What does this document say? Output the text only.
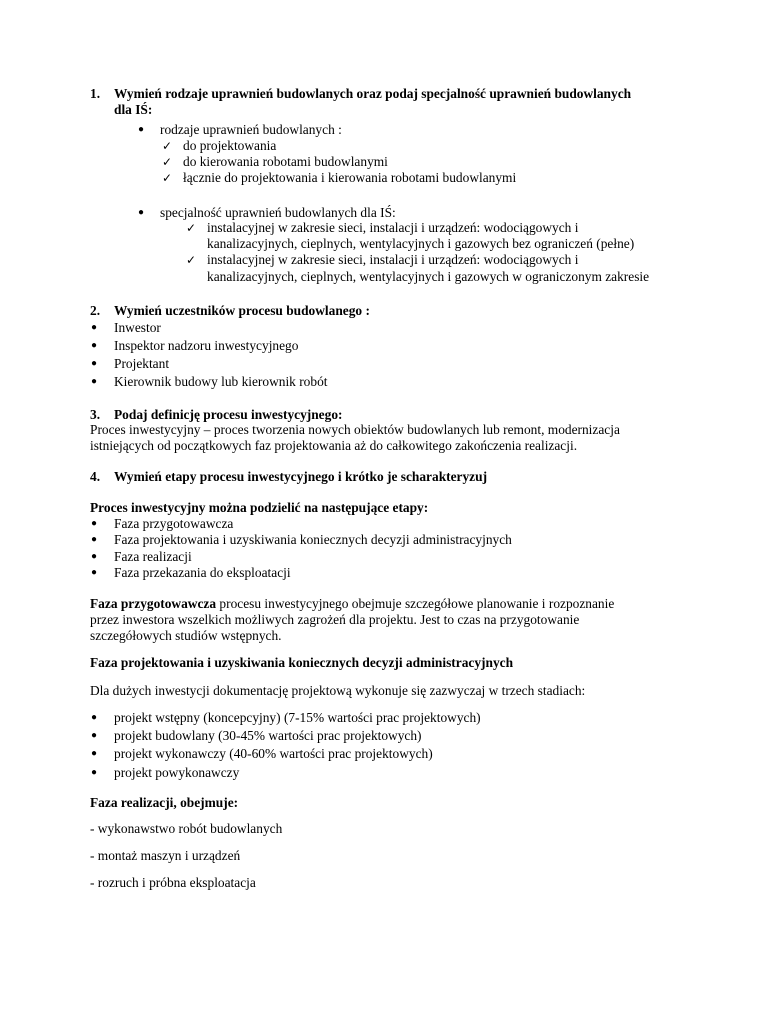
1. Wymień rodzaje uprawnień budowlanych oraz podaj specjalność uprawnień budowlanych
dla IŚ:
● rodzaje uprawnień budowlanych :
✓ do projektowania
✓ do kierowania robotami budowlanymi
✓ łącznie do projektowania i kierowania robotami budowlanymi
● specjalność uprawnień budowlanych dla IŚ:
✓ instalacyjnej w zakresie sieci, instalacji i urządzeń: wodociągowych i
kanalizacyjnych, cieplnych, wentylacyjnych i gazowych bez ograniczeń (pełne)
✓ instalacyjnej w zakresie sieci, instalacji i urządzeń: wodociągowych i
kanalizacyjnych, cieplnych, wentylacyjnych i gazowych w ograniczonym zakresie
2. Wymień uczestników procesu budowlanego :
● Inwestor
● Inspektor nadzoru inwestycyjnego
● Projektant
● Kierownik budowy lub kierownik robót
3. Podaj definicję procesu inwestycyjnego:
Proces inwestycyjny – proces tworzenia nowych obiektów budowlanych lub remont, modernizacja
istniejących od początkowych faz projektowania aż do całkowitego zakończenia realizacji.
4. Wymień etapy procesu inwestycyjnego i krótko je scharakteryzuj
Proces inwestycyjny można podzielić na następujące etapy:
● Faza przygotowawcza
● Faza projektowania i uzyskiwania koniecznych decyzji administracyjnych
● Faza realizacji
● Faza przekazania do eksploatacji
Faza przygotowawcza procesu inwestycyjnego obejmuje szczegółowe planowanie i rozpoznanie
przez inwestora wszelkich możliwych zagrożeń dla projektu. Jest to czas na przygotowanie
szczegółowych studiów wstępnych.
Faza projektowania i uzyskiwania koniecznych decyzji administracyjnych
Dla dużych inwestycji dokumentację projektową wykonuje się zazwyczaj w trzech stadiach:
● projekt wstępny (koncepcyjny) (7-15% wartości prac projektowych)
● projekt budowlany (30-45% wartości prac projektowych)
● projekt wykonawczy (40-60% wartości prac projektowych)
● projekt powykonawczy
Faza realizacji, obejmuje:
- wykonawstwo robót budowlanych
- montaż maszyn i urządzeń
- rozruch i próbna eksploatacja
